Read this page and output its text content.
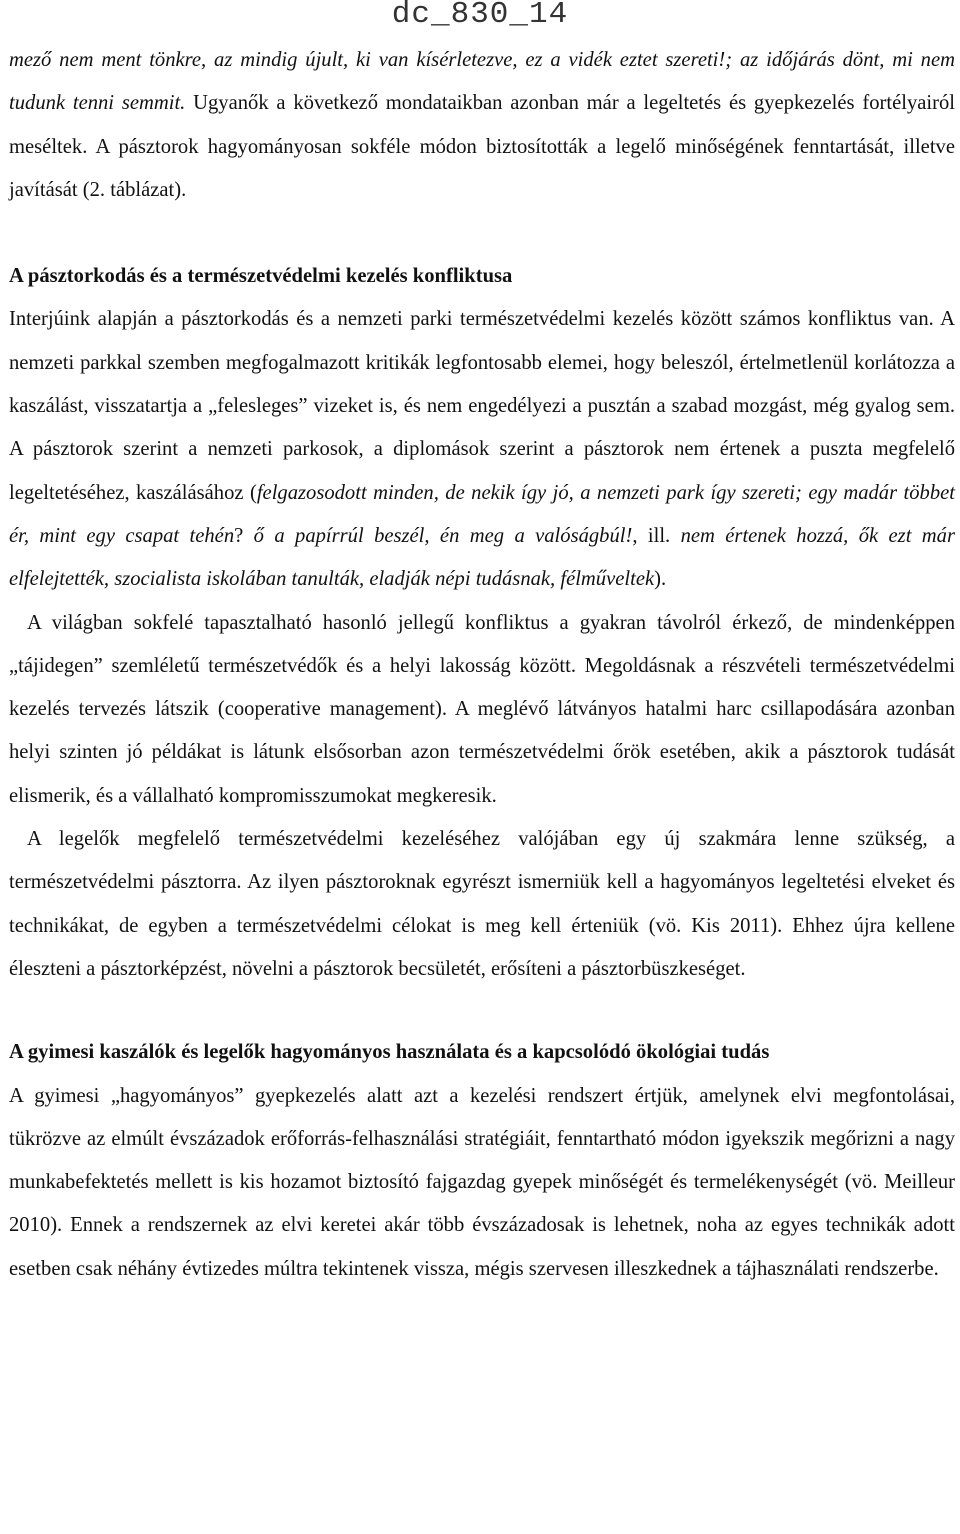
dc_830_14

mező nem ment tönkre, az mindig újult, ki van kísérletezve, ez a vidék eztet szereti!; az időjárás dönt, mi nem tudunk tenni semmit. Ugyanők a következő mondataikban azonban már a legeltetés és gyepkezelés fortélyairól meséltek. A pásztorok hagyományosan sokféle módon biztosították a legelő minőségének fenntartását, illetve javítását (2. táblázat).

A pásztorkodás és a természetvédelmi kezelés konfliktusa

Interjúink alapján a pásztorkodás és a nemzeti parki természetvédelmi kezelés között számos konfliktus van. A nemzeti parkkal szemben megfogalmazott kritikák legfontosabb elemei, hogy beleszól, értelmetlenül korlátozza a kaszálást, visszatartja a „felesleges” vizeket is, és nem engedélyezi a pusztán a szabad mozgást, még gyalog sem. A pásztorok szerint a nemzeti parkosok, a diplomások szerint a pásztorok nem értenek a puszta megfelelő legeltetéséhez, kaszálásához (felgazosodott minden, de nekik így jó, a nemzeti park így szereti; egy madár többet ér, mint egy csapat tehén? ő a papírrúl beszél, én meg a valóságbúl!, ill. nem értenek hozzá, ők ezt már elfelejtették, szocialista iskolában tanulták, eladják népi tudásnak, félműveltek).

A világban sokfelé tapasztalható hasonló jellegű konfliktus a gyakran távolról érkező, de mindenképpen „tájidegen” szemléletű természetvédők és a helyi lakosság között. Megoldásnak a részvételi természetvédelmi kezelés tervezés látszik (cooperative management). A meglévő látványos hatalmi harc csillapodására azonban helyi szinten jó példákat is látunk elsősorban azon természetvédelmi őrök esetében, akik a pásztorok tudását elismerik, és a vállalható kompromisszumokat megkeresik.

A legelők megfelelő természetvédelmi kezeléséhez valójában egy új szakmára lenne szükség, a természetvédelmi pásztorra. Az ilyen pásztoroknak egyrészt ismerniük kell a hagyományos legeltetési elveket és technikákat, de egyben a természetvédelmi célokat is meg kell érteniük (vö. Kis 2011). Ehhez újra kellene éleszteni a pásztorképzést, növelni a pásztorok becsületét, erősíteni a pásztorbüszkeséget.

A gyimesi kaszálók és legelők hagyományos használata és a kapcsolódó ökológiai tudás

A gyimesi „hagyományos” gyepkezelés alatt azt a kezelési rendszert értjük, amelynek elvi megfontolásai, tükrözve az elmúlt évszázadok erőforrás-felhasználási stratégiáit, fenntartható módon igyekszik megőrizni a nagy munkabefektetés mellett is kis hozamot biztosító fajgazdag gyepek minőségét és termelékenységét (vö. Meilleur 2010). Ennek a rendszernek az elvi keretei akár több évszázadosak is lehetnek, noha az egyes technikák adott esetben csak néhány évtizedes múltra tekintenek vissza, mégis szervesen illeszkednek a tájhasználati rendszerbe.
